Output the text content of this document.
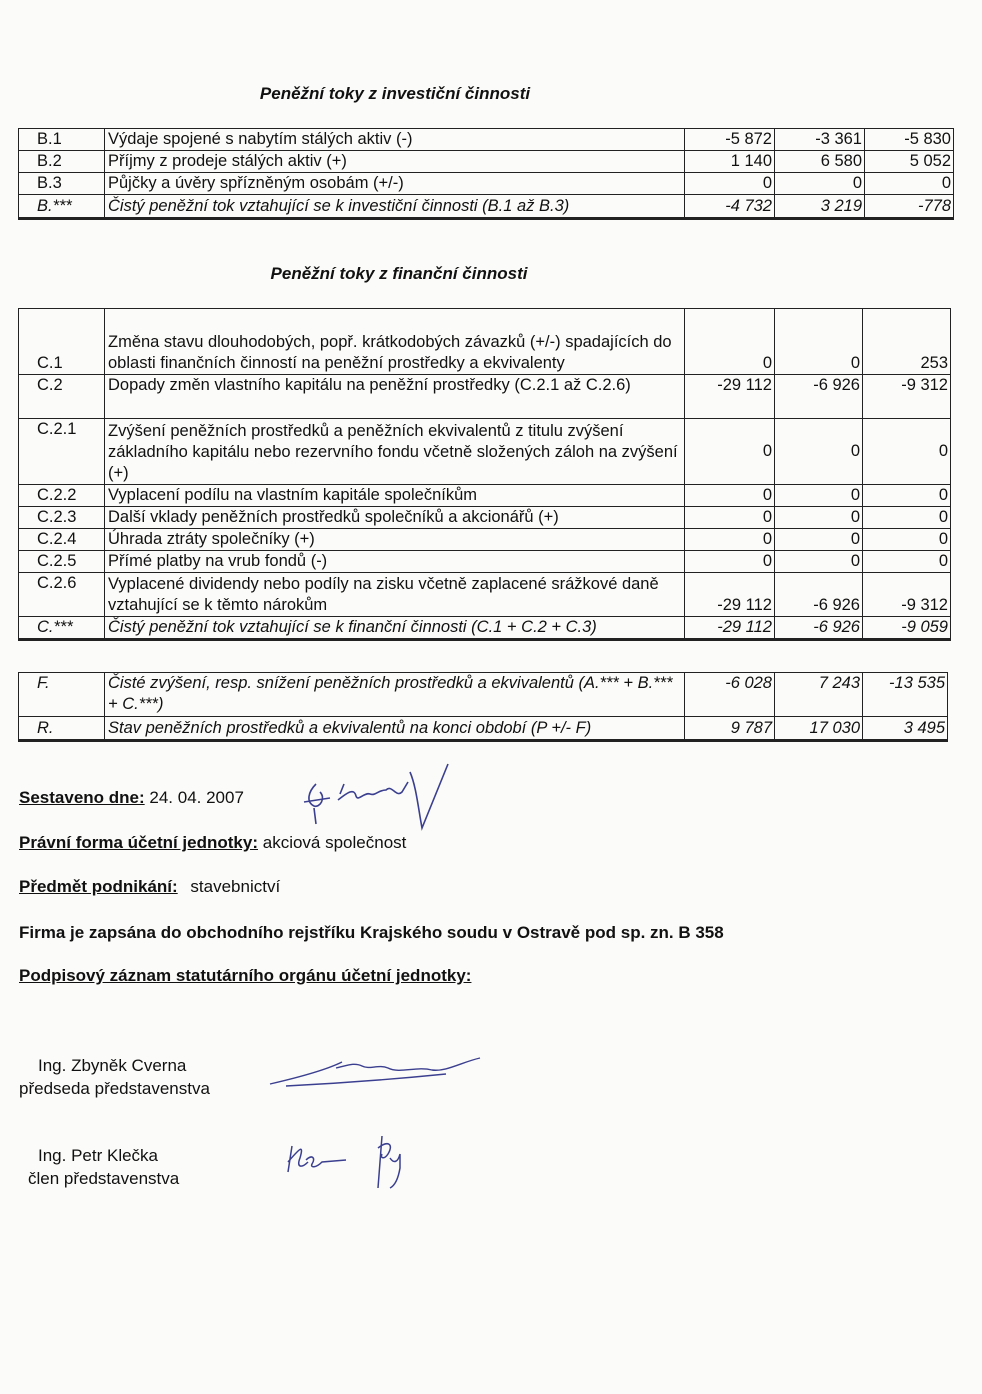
Peněžní toky z investiční činnosti
B.1	Výdaje spojené s nabytím stálých aktiv (-)	-5 872	-3 361	-5 830
B.2	Příjmy z prodeje stálých aktiv (+)	1 140	6 580	5 052
B.3	Půjčky a úvěry spřízněným osobám (+/-)	0	0	0
B.***	Čistý peněžní tok vztahující se k investiční činnosti (B.1 až B.3)	-4 732	3 219	-778
Peněžní toky z finanční činnosti
C.1	Změna stavu dlouhodobých, popř. krátkodobých závazků (+/-) spadajících do oblasti finančních činností na peněžní prostředky a ekvivalenty	0	0	253
C.2	Dopady změn vlastního kapitálu na peněžní prostředky (C.2.1 až C.2.6)	-29 112	-6 926	-9 312
C.2.1	Zvýšení peněžních prostředků a peněžních ekvivalentů z titulu zvýšení základního kapitálu nebo rezervního fondu včetně složených záloh na zvýšení (+)	0	0	0
C.2.2	Vyplacení podílu na vlastním kapitále společníkům	0	0	0
C.2.3	Další vklady peněžních prostředků společníků a akcionářů (+)	0	0	0
C.2.4	Úhrada ztráty společníky (+)	0	0	0
C.2.5	Přímé platby na vrub fondů (-)	0	0	0
C.2.6	Vyplacené dividendy nebo podíly na zisku včetně zaplacené srážkové daně vztahující se k těmto nárokům	-29 112	-6 926	-9 312
C.***	Čistý peněžní tok vztahující se k finanční činnosti (C.1 + C.2 + C.3)	-29 112	-6 926	-9 059
F.	Čisté zvýšení, resp. snížení peněžních prostředků a ekvivalentů (A.*** + B.*** + C.***)	-6 028	7 243	-13 535
R.	Stav peněžních prostředků a ekvivalentů na konci období (P +/- F)	9 787	17 030	3 495
Sestaveno dne: 24. 04. 2007
Právní forma účetní jednotky: akciová společnost
Předmět podnikání: stavebnictví
Firma je zapsána do obchodního rejstříku Krajského soudu v Ostravě pod sp. zn. B 358
Podpisový záznam statutárního orgánu účetní jednotky:
Ing. Zbyněk Cverna
předseda představenstva
Ing. Petr Klečka
člen představenstva
